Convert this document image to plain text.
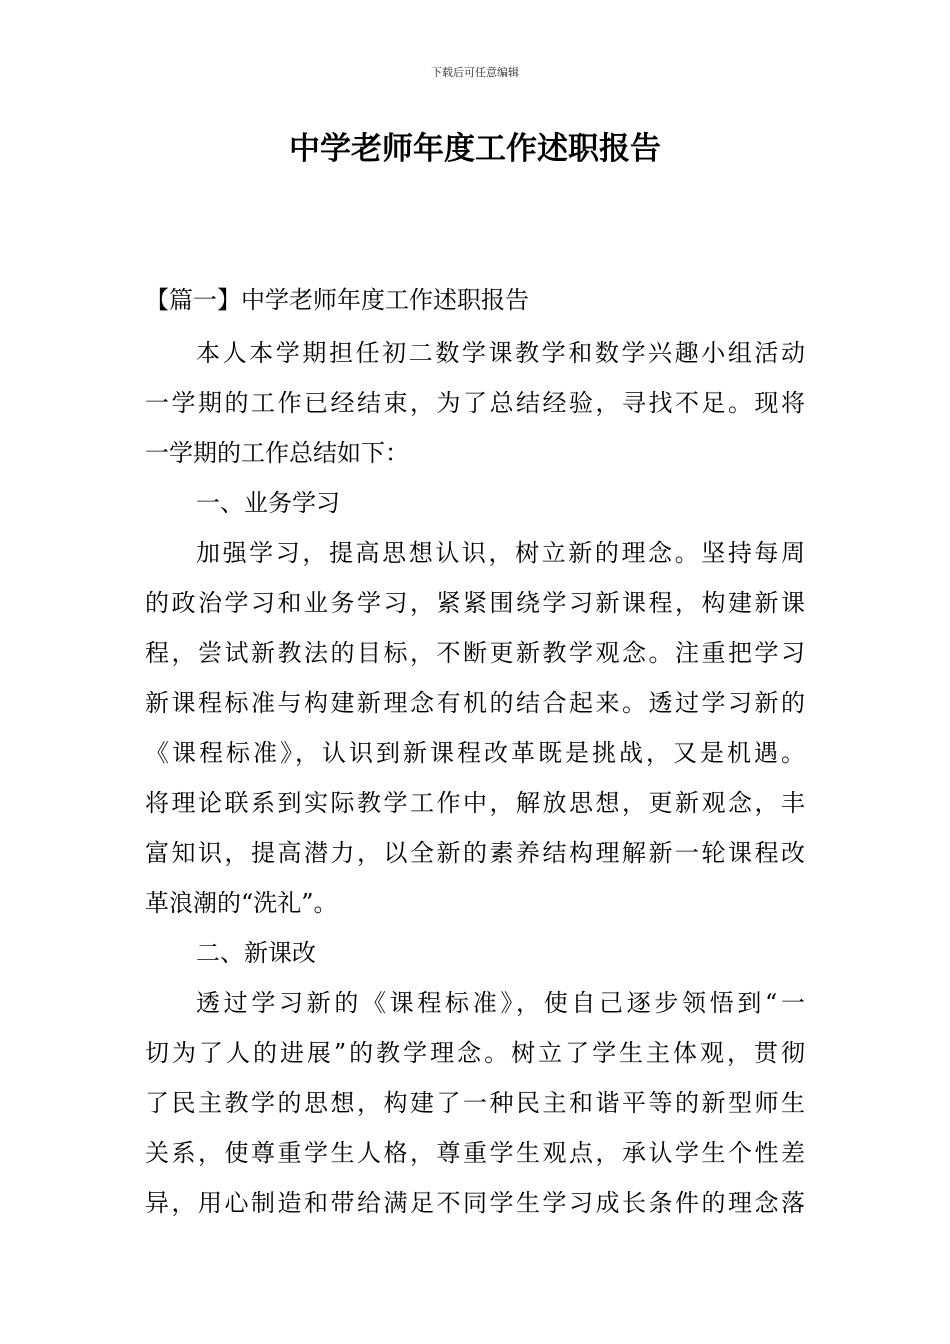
下载后可任意编辑
中学老师年度工作述职报告
【篇一】中学老师年度工作述职报告

本人本学期担任初二数学课教学和数学兴趣小组活动

一学期的工作已经结束，为了总结经验，寻找不足。现将

一学期的工作总结如下：

一、业务学习

加强学习，提高思想认识，树立新的理念。坚持每周

的政治学习和业务学习，紧紧围绕学习新课程，构建新课

程，尝试新教法的目标，不断更新教学观念。注重把学习

新课程标准与构建新理念有机的结合起来。透过学习新的

《课程标准》，认识到新课程改革既是挑战，又是机遇。

将理论联系到实际教学工作中，解放思想，更新观念，丰

富知识，提高潜力，以全新的素养结构理解新一轮课程改

革浪潮的“洗礼”。

二、新课改

透过学习新的《课程标准》，使自己逐步领悟到“一

切为了人的进展”的教学理念。树立了学生主体观，贯彻

了民主教学的思想，构建了一种民主和谐平等的新型师生

关系，使尊重学生人格，尊重学生观点，承认学生个性差

异，用心制造和带给满足不同学生学习成长条件的理念落
